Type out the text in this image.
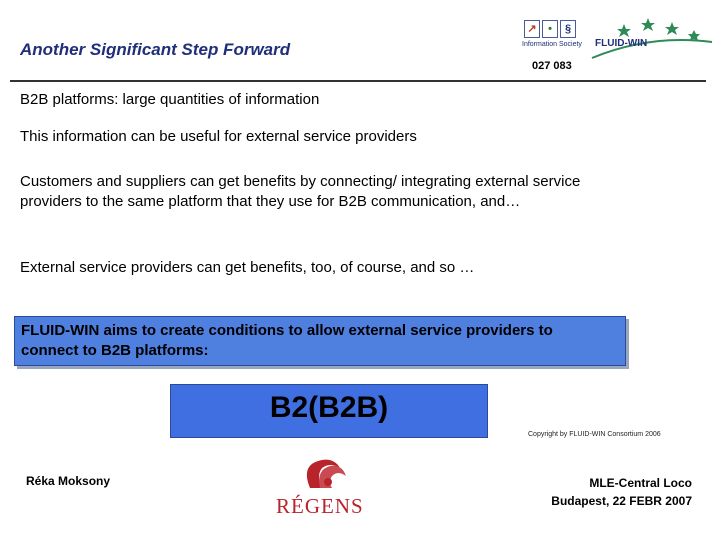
Another Significant Step Forward
↗	•	§
Information Society
027 083
FLUID-WIN
B2B platforms: large quantities of information
This information can be useful for external service providers
Customers and suppliers can get benefits by connecting/ integrating external service providers to the same platform that they use for B2B communication, and…
External service providers can get benefits, too, of course, and so …
FLUID-WIN aims to create conditions to allow external service providers to connect to B2B platforms:
B2(B2B)
Copyright by FLUID-WIN Consortium 2006
Réka Moksony
RÉGENS
MLE-Central Loco
Budapest, 22 FEBR 2007
